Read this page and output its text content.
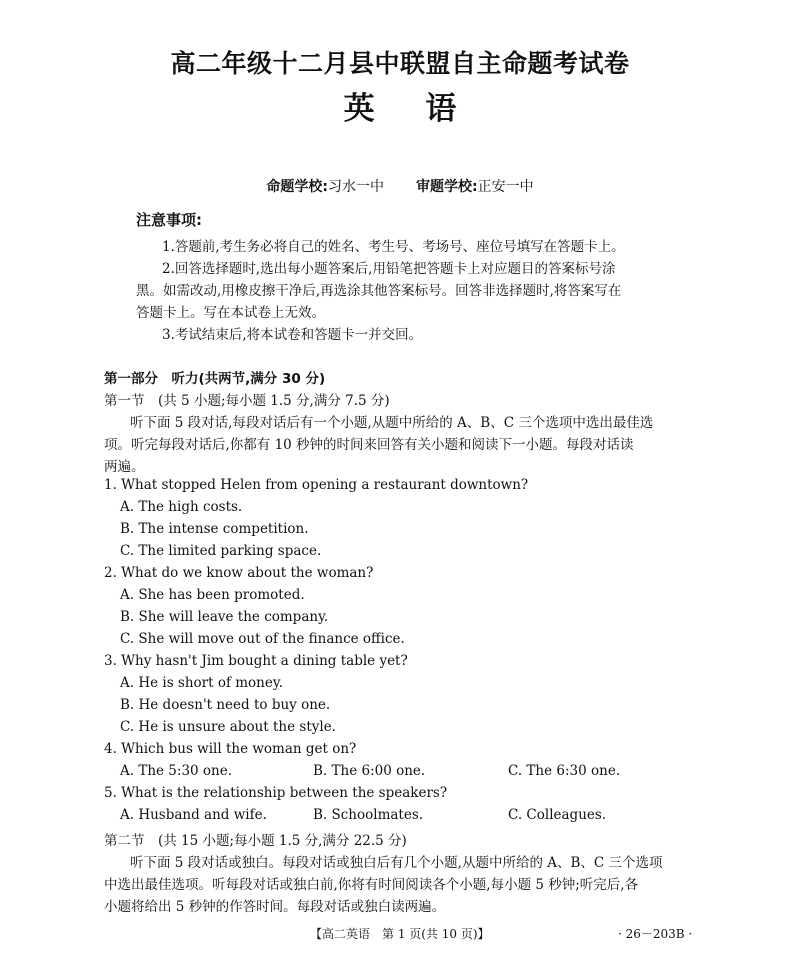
高二年级十二月县中联盟自主命题考试卷
英 语
命题学校:习水一中 审题学校:正安一中
注意事项:
1.答题前,考生务必将自己的姓名、考生号、考场号、座位号填写在答题卡上。
2.回答选择题时,选出每小题答案后,用铅笔把答题卡上对应题目的答案标号涂
黑。如需改动,用橡皮擦干净后,再选涂其他答案标号。回答非选择题时,将答案写在
答题卡上。写在本试卷上无效。
3.考试结束后,将本试卷和答题卡一并交回。
第一部分　听力(共两节,满分 30 分)
第一节　(共 5 小题;每小题 1.5 分,满分 7.5 分)
听下面 5 段对话,每段对话后有一个小题,从题中所给的 A、B、C 三个选项中选出最佳选
项。听完每段对话后,你都有 10 秒钟的时间来回答有关小题和阅读下一小题。每段对话读
两遍。
1. What stopped Helen from opening a restaurant downtown?
A. The high costs.
B. The intense competition.
C. The limited parking space.
2. What do we know about the woman?
A. She has been promoted.
B. She will leave the company.
C. She will move out of the finance office.
3. Why hasn't Jim bought a dining table yet?
A. He is short of money.
B. He doesn't need to buy one.
C. He is unsure about the style.
4. Which bus will the woman get on?
A. The 5:30 one.	B. The 6:00 one.	C. The 6:30 one.
5. What is the relationship between the speakers?
A. Husband and wife.	B. Schoolmates.	C. Colleagues.
第二节　(共 15 小题;每小题 1.5 分,满分 22.5 分)
听下面 5 段对话或独白。每段对话或独白后有几个小题,从题中所给的 A、B、C 三个选项
中选出最佳选项。听每段对话或独白前,你将有时间阅读各个小题,每小题 5 秒钟;听完后,各
小题将给出 5 秒钟的作答时间。每段对话或独白读两遍。
【高二英语　第 1 页(共 10 页)】	· 26－203B ·
